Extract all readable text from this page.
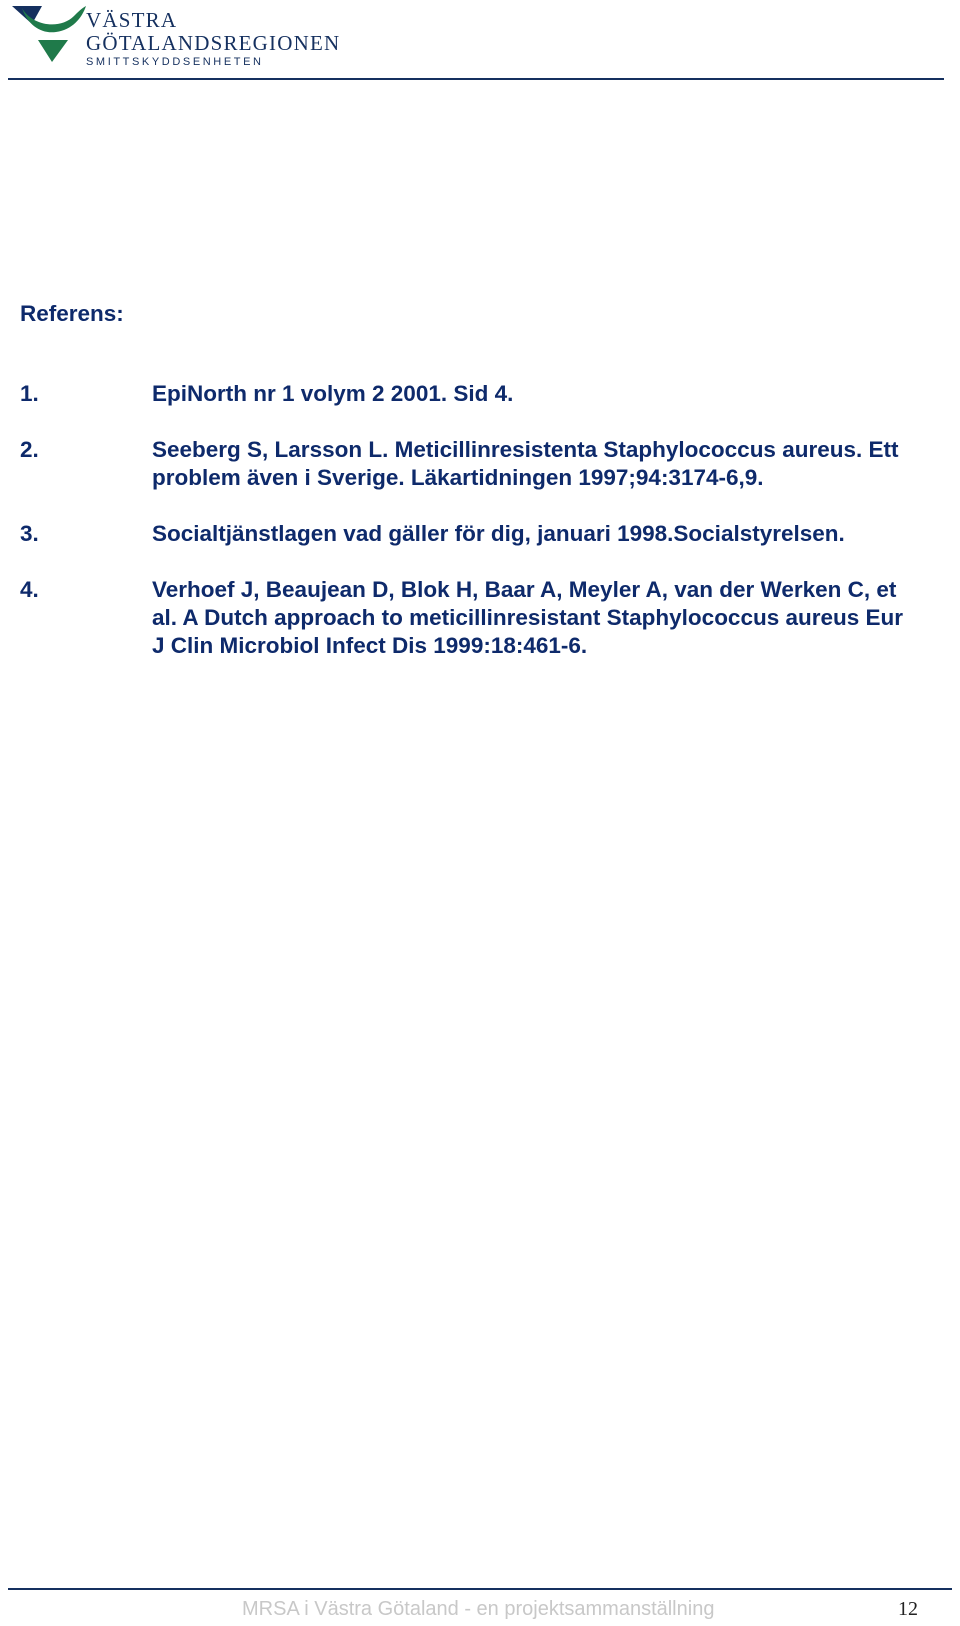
VÄSTRA
GÖTALANDSREGIONEN
SMITTSKYDDSENHETEN
Referens:
1.	EpiNorth nr 1 volym 2 2001. Sid 4.
2.	Seeberg S, Larsson L. Meticillinresistenta Staphylococcus aureus. Ett problem även i Sverige. Läkartidningen 1997;94:3174-6,9.
3.	Socialtjänstlagen vad gäller för dig, januari 1998.Socialstyrelsen.
4.	Verhoef J, Beaujean D, Blok H, Baar A, Meyler A, van der Werken C, et al. A Dutch approach to meticillinresistant Staphylococcus aureus Eur J Clin Microbiol Infect Dis 1999:18:461-6.
MRSA i Västra Götaland - en projektsammanställning	12
